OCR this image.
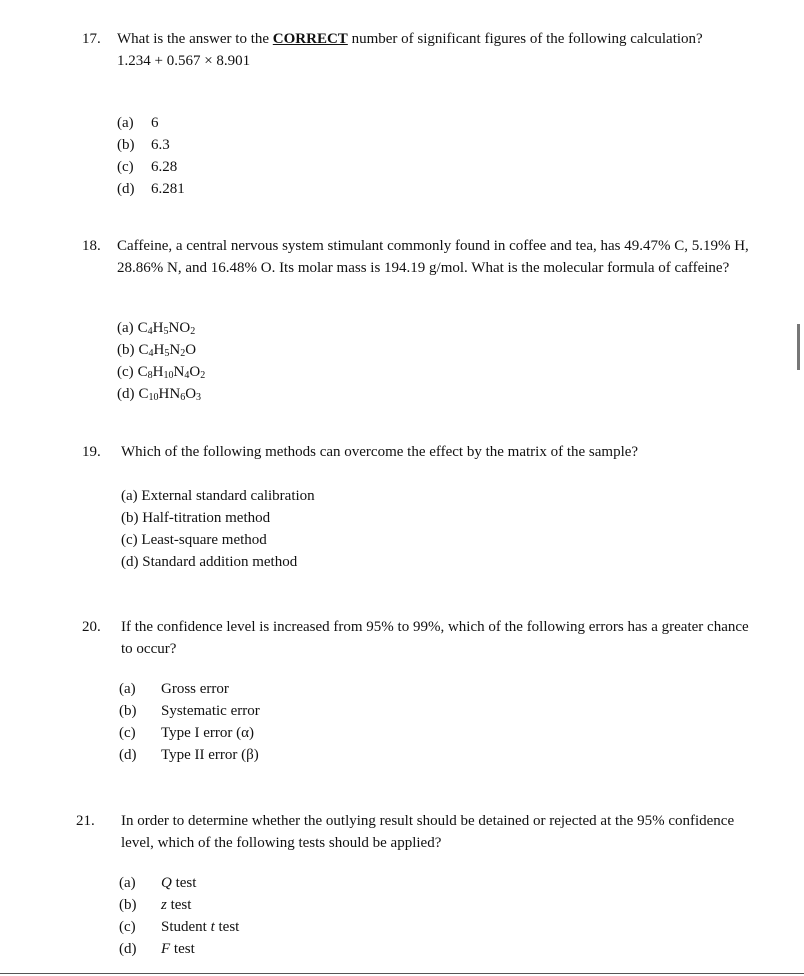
17. What is the answer to the CORRECT number of significant figures of the following calculation?
1.234 + 0.567 × 8.901
(a) 6
(b) 6.3
(c) 6.28
(d) 6.281
18. Caffeine, a central nervous system stimulant commonly found in coffee and tea, has 49.47% C, 5.19% H, 28.86% N, and 16.48% O. Its molar mass is 194.19 g/mol. What is the molecular formula of caffeine?
(a) $C_4H_5NO_2$
(b) $C_4H_5N_2O$
(c) $C_8H_{10}N_4O_2$
(d) $C_{10}HN_6O_3$
19. Which of the following methods can overcome the effect by the matrix of the sample?
(a) External standard calibration
(b) Half-titration method
(c) Least-square method
(d) Standard addition method
20. If the confidence level is increased from 95% to 99%, which of the following errors has a greater chance to occur?
(a) Gross error
(b) Systematic error
(c) Type I error (α)
(d) Type II error (β)
21. In order to determine whether the outlying result should be detained or rejected at the 95% confidence level, which of the following tests should be applied?
(a) Q test
(b) z test
(c) Student t test
(d) F test
